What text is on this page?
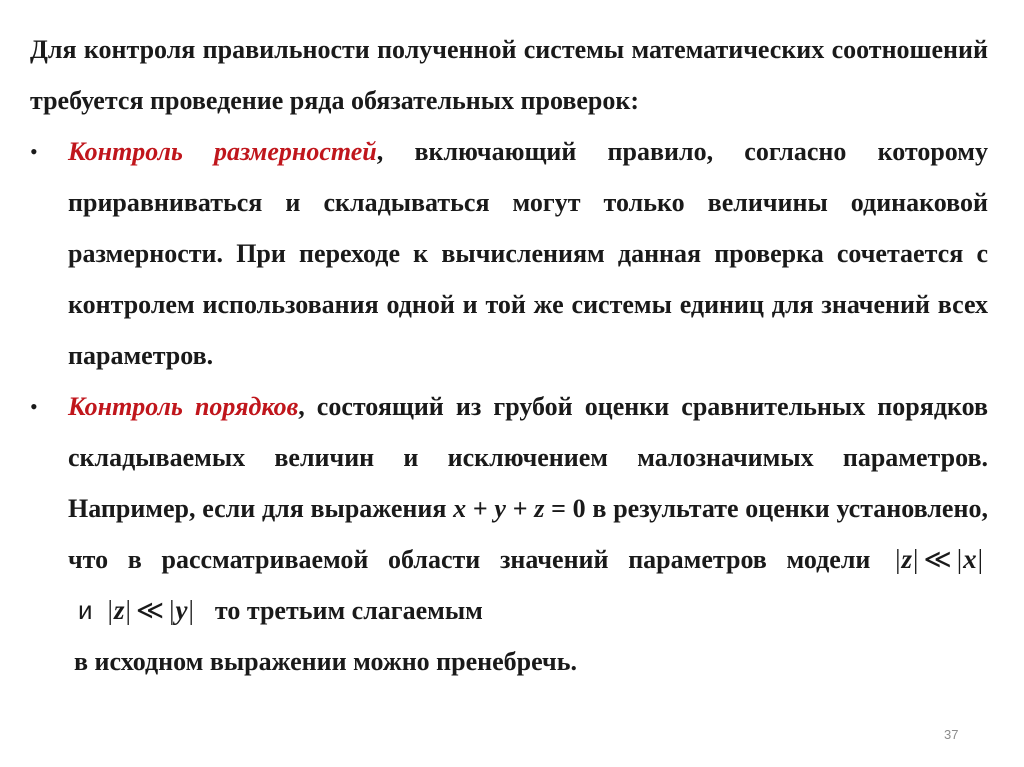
Для контроля правильности полученной системы математических соотношений требуется проведение ряда обязательных проверок:
• Контроль размерностей, включающий правило, согласно которому приравниваться и складываться могут только величины одинаковой размерности. При переходе к вычислениям данная проверка сочетается с контролем использования одной и той же системы единиц для значений всех параметров.
• Контроль порядков, состоящий из грубой оценки сравнительных порядков складываемых величин и исключением малозначимых параметров. Например, если для выражения x + y + z = 0 в результате оценки установлено, что в рассматриваемой области значений параметров модели |z| ≪ |x|и |z| ≪ |y| то третьим слагаемым
в исходном выражении можно пренебречь.
37
